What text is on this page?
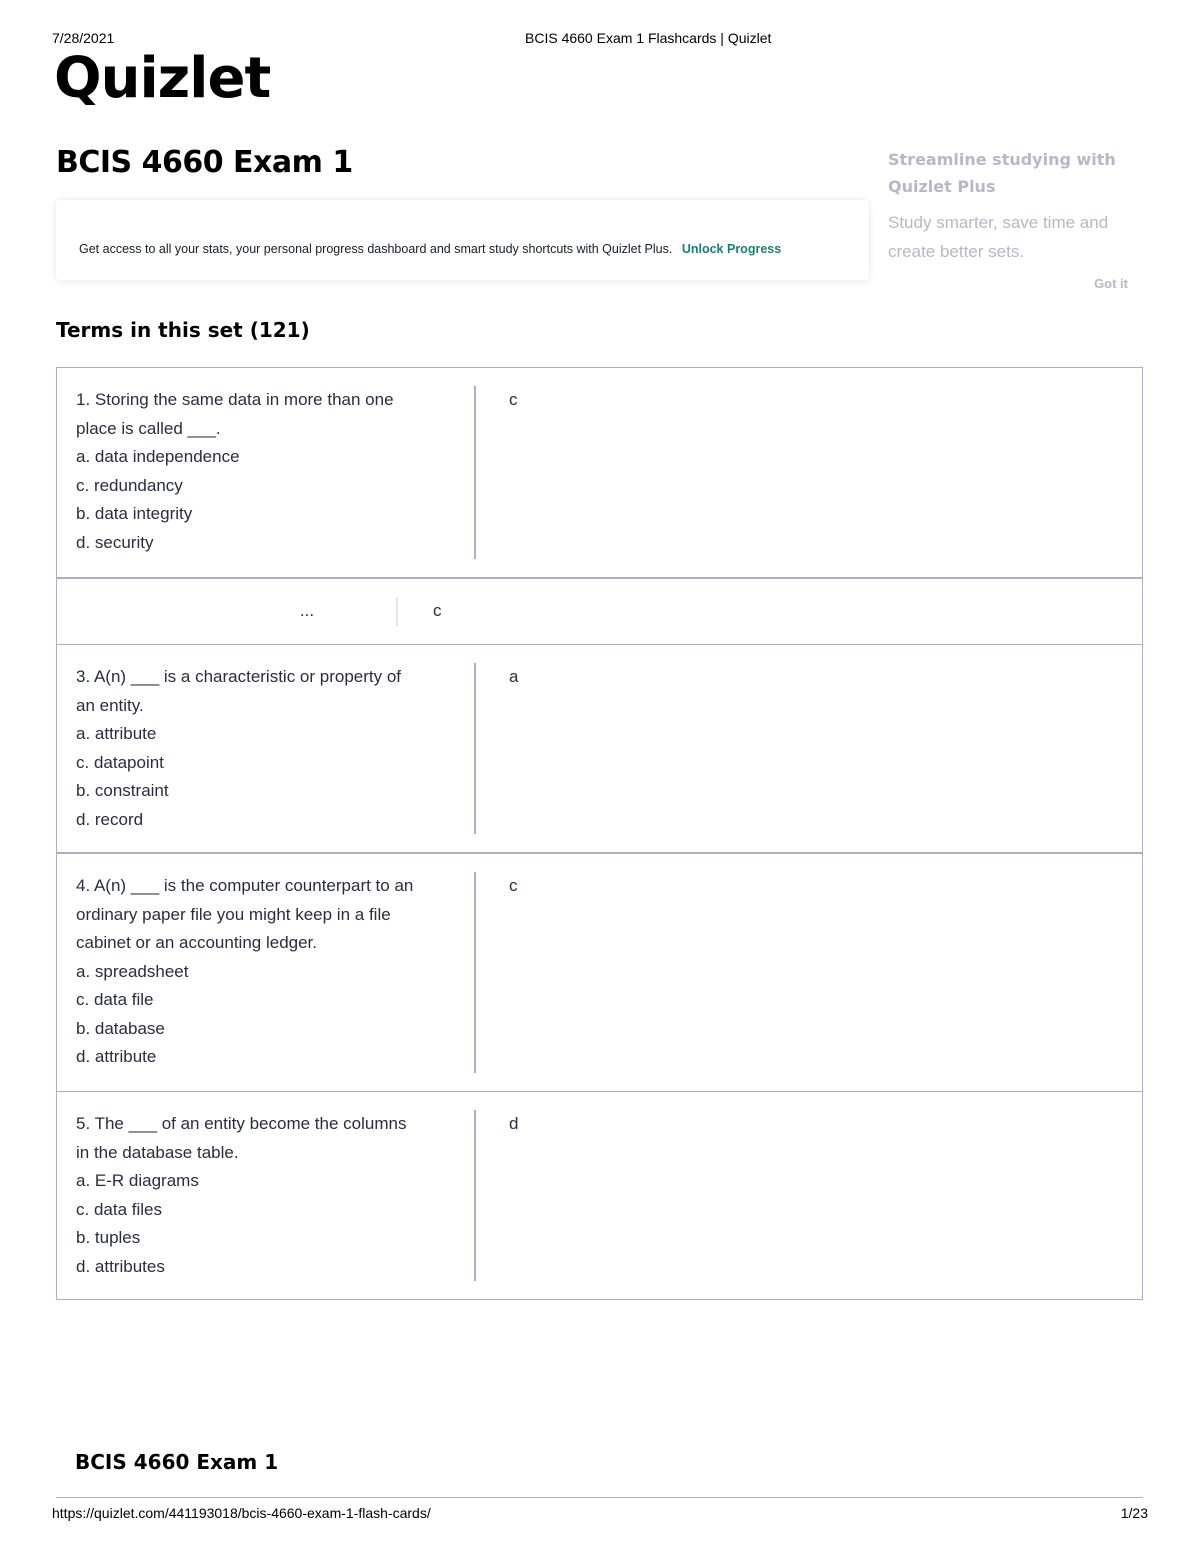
7/28/2021	BCIS 4660 Exam 1 Flashcards | Quizlet
Quizlet
BCIS 4660 Exam 1
Get access to all your stats, your personal progress dashboard and smart study shortcuts with Quizlet Plus. Unlock Progress
Streamline studying with Quizlet Plus
Study smarter, save time and create better sets.
Got it
Terms in this set (121)
1. Storing the same data in more than one
place is called ___.
a. data independence
c. redundancy
b. data integrity
d. security
c
...	c
3. A(n) ___ is a characteristic or property of
an entity.
a. attribute
c. datapoint
b. constraint
d. record
a
4. A(n) ___ is the computer counterpart to an
ordinary paper file you might keep in a file
cabinet or an accounting ledger.
a. spreadsheet
c. data file
b. database
d. attribute
c
5. The ___ of an entity become the columns
in the database table.
a. E-R diagrams
c. data files
b. tuples
d. attributes
d
BCIS 4660 Exam 1
https://quizlet.com/441193018/bcis-4660-exam-1-flash-cards/	1/23
